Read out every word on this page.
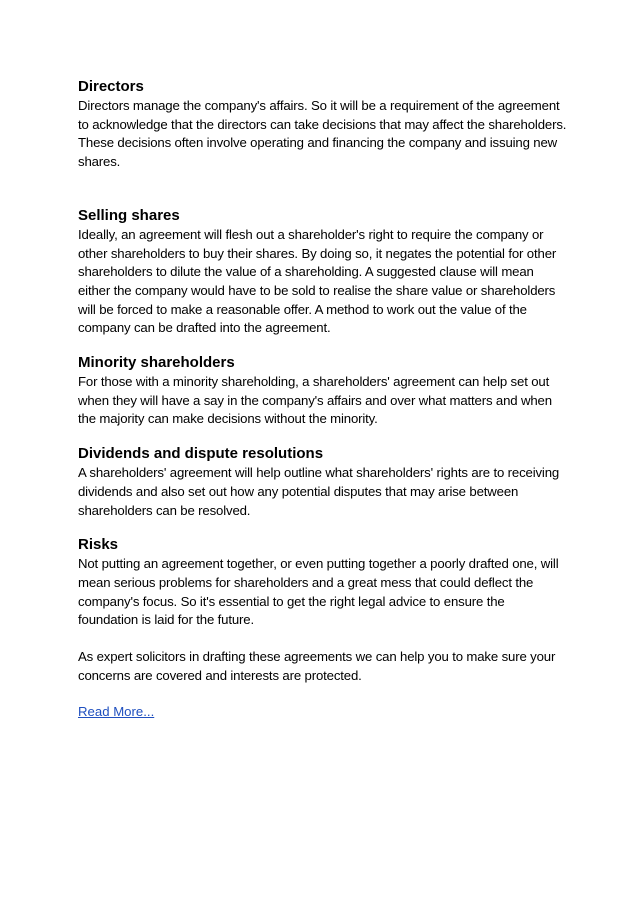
Directors

Directors manage the company's affairs. So it will be a requirement of the agreement to acknowledge that the directors can take decisions that may affect the shareholders. These decisions often involve operating and financing the company and issuing new shares.

Selling shares

Ideally, an agreement will flesh out a shareholder's right to require the company or other shareholders to buy their shares. By doing so, it negates the potential for other shareholders to dilute the value of a shareholding. A suggested clause will mean either the company would have to be sold to realise the share value or shareholders will be forced to make a reasonable offer. A method to work out the value of the company can be drafted into the agreement.

Minority shareholders

For those with a minority shareholding, a shareholders' agreement can help set out when they will have a say in the company's affairs and over what matters and when the majority can make decisions without the minority.

Dividends and dispute resolutions

A shareholders' agreement will help outline what shareholders' rights are to receiving dividends and also set out how any potential disputes that may arise between shareholders can be resolved.

Risks

Not putting an agreement together, or even putting together a poorly drafted one, will mean serious problems for shareholders and a great mess that could deflect the company's focus. So it's essential to get the right legal advice to ensure the foundation is laid for the future.

As expert solicitors in drafting these agreements we can help you to make sure your concerns are covered and interests are protected.

Read More...
